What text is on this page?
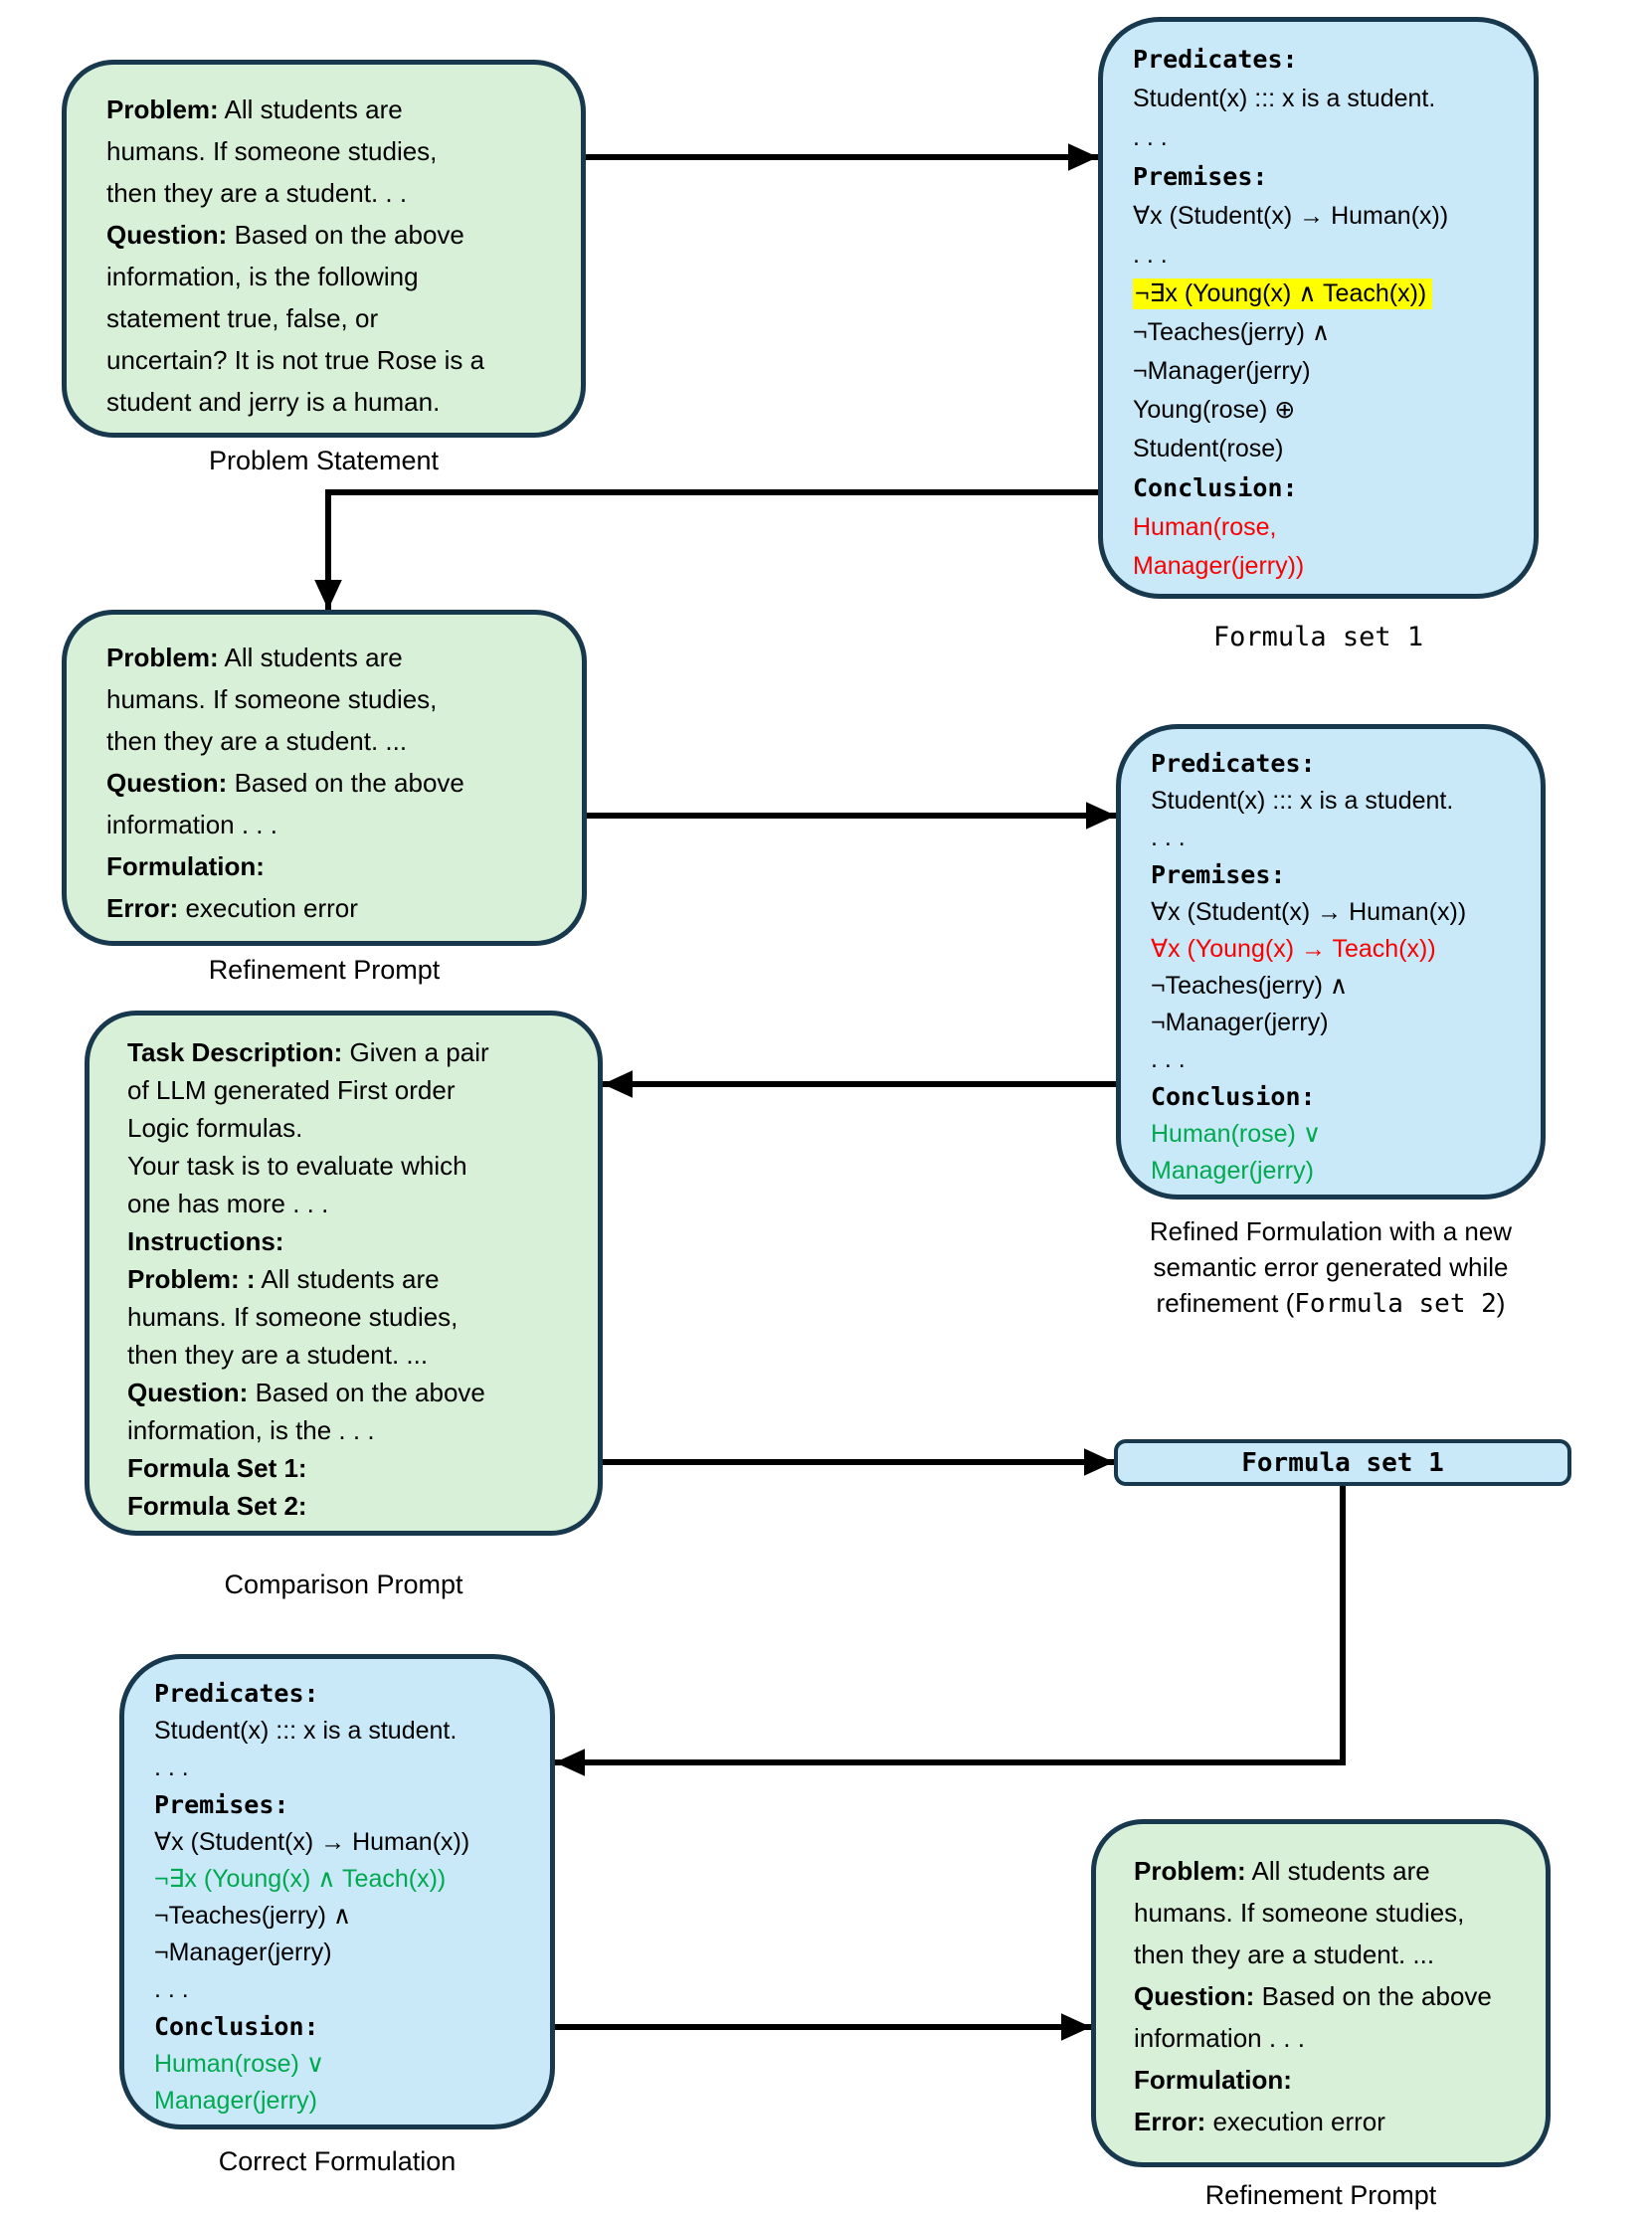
Problem: All students are
humans. If someone studies,
then they are a student. . .
Question: Based on the above
information, is the following
statement true, false, or
uncertain? It is not true Rose is a
student and jerry is a human.
Problem Statement
Predicates:
Student(x) ::: x is a student.
. . .
Premises:
∀x (Student(x) → Human(x))
. . .
¬∃x (Young(x) ∧ Teach(x))
¬Teaches(jerry) ∧
¬Manager(jerry)
Young(rose) ⊕
Student(rose)
Conclusion:
Human(rose,
Manager(jerry))
Formula set 1
Problem: All students are
humans. If someone studies,
then they are a student. ...
Question: Based on the above
information . . .
Formulation:
Error: execution error
Refinement Prompt
Predicates:
Student(x) ::: x is a student.
. . .
Premises:
∀x (Student(x) → Human(x))
∀x (Young(x) → Teach(x))
¬Teaches(jerry) ∧
¬Manager(jerry)
. . .
Conclusion:
Human(rose) ∨
Manager(jerry)
Refined Formulation with a new
semantic error generated while
refinement (Formula set 2)
Task Description: Given a pair
of LLM generated First order
Logic formulas.
Your task is to evaluate which
one has more . . .
Instructions:
Problem: : All students are
humans. If someone studies,
then they are a student. ...
Question: Based on the above
information, is the . . .
Formula Set 1:
Formula Set 2:
Comparison Prompt
Formula set 1
Predicates:
Student(x) ::: x is a student.
. . .
Premises:
∀x (Student(x) → Human(x))
¬∃x (Young(x) ∧ Teach(x))
¬Teaches(jerry) ∧
¬Manager(jerry)
. . .
Conclusion:
Human(rose) ∨
Manager(jerry)
Correct Formulation
Problem: All students are
humans. If someone studies,
then they are a student. ...
Question: Based on the above
information . . .
Formulation:
Error: execution error
Refinement Prompt
